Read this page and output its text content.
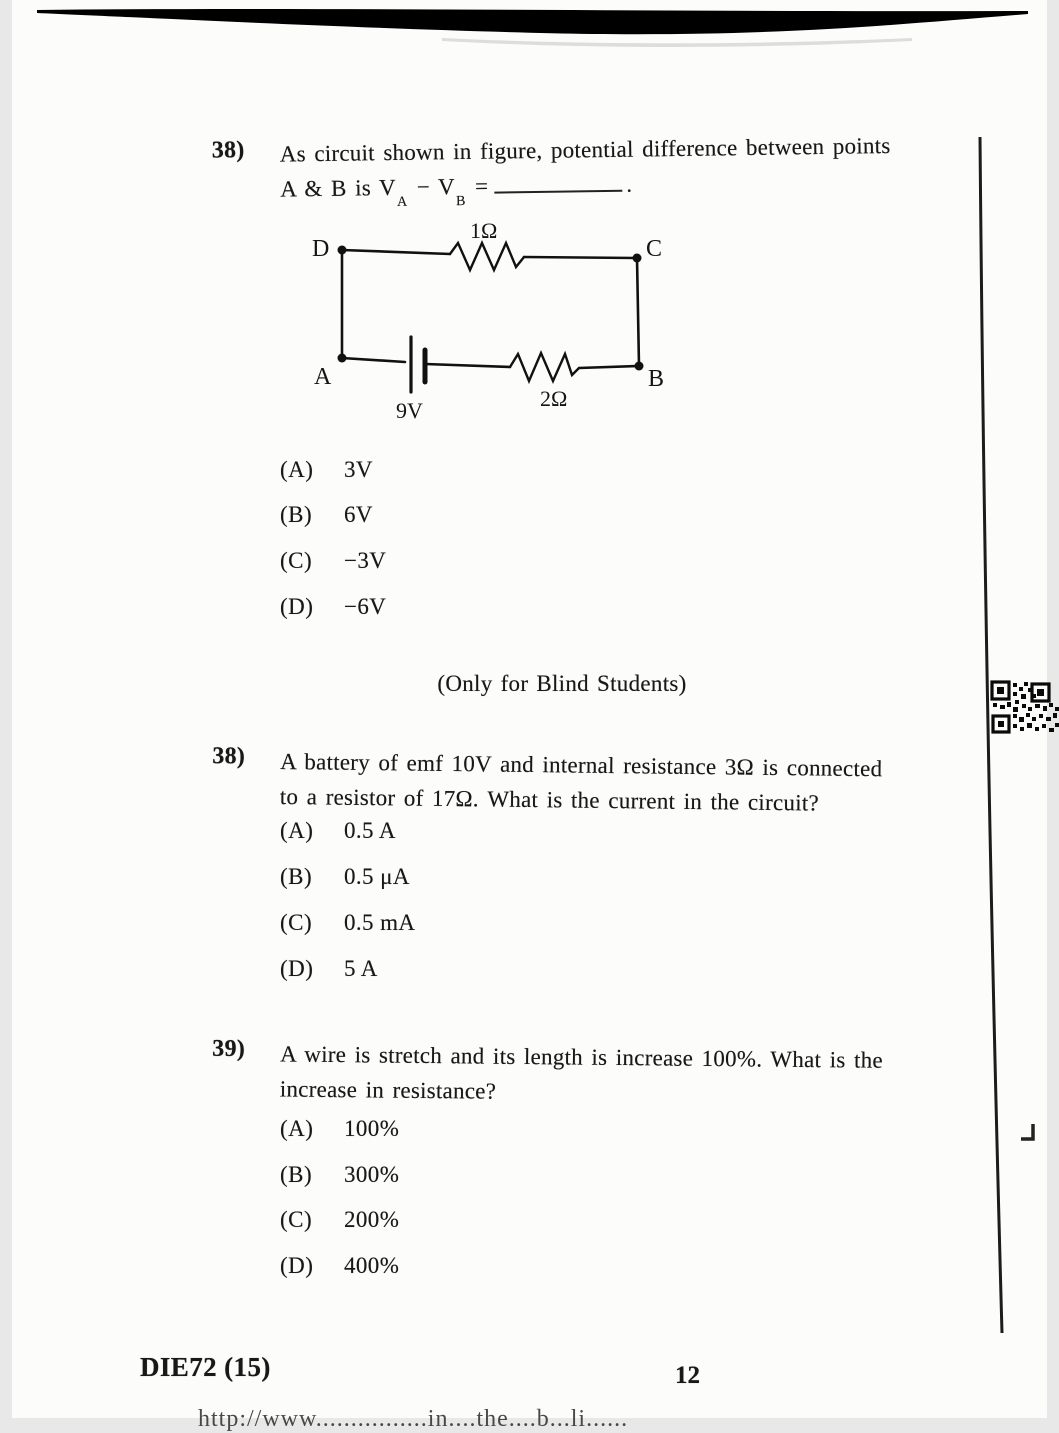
38) As circuit shown in figure, potential difference between points
A & B is $V_A - V_B$ =	.
D	C
A	B
1Ω
9V	2Ω
(A) 3V
(B) 6V
(C) −3V
(D) −6V
(Only for Blind Students)
38) A battery of emf 10V and internal resistance 3Ω is connected
to a resistor of 17Ω. What is the current in the circuit?
(A) 0.5 A
(B) 0.5 μA
(C) 0.5 mA
(D) 5 A
39) A wire is stretch and its length is increase 100%. What is the
increase in resistance?
(A) 100%
(B) 300%
(C) 200%
(D) 400%
DIE72 (15)	12
http://www................in....the....b...li......
